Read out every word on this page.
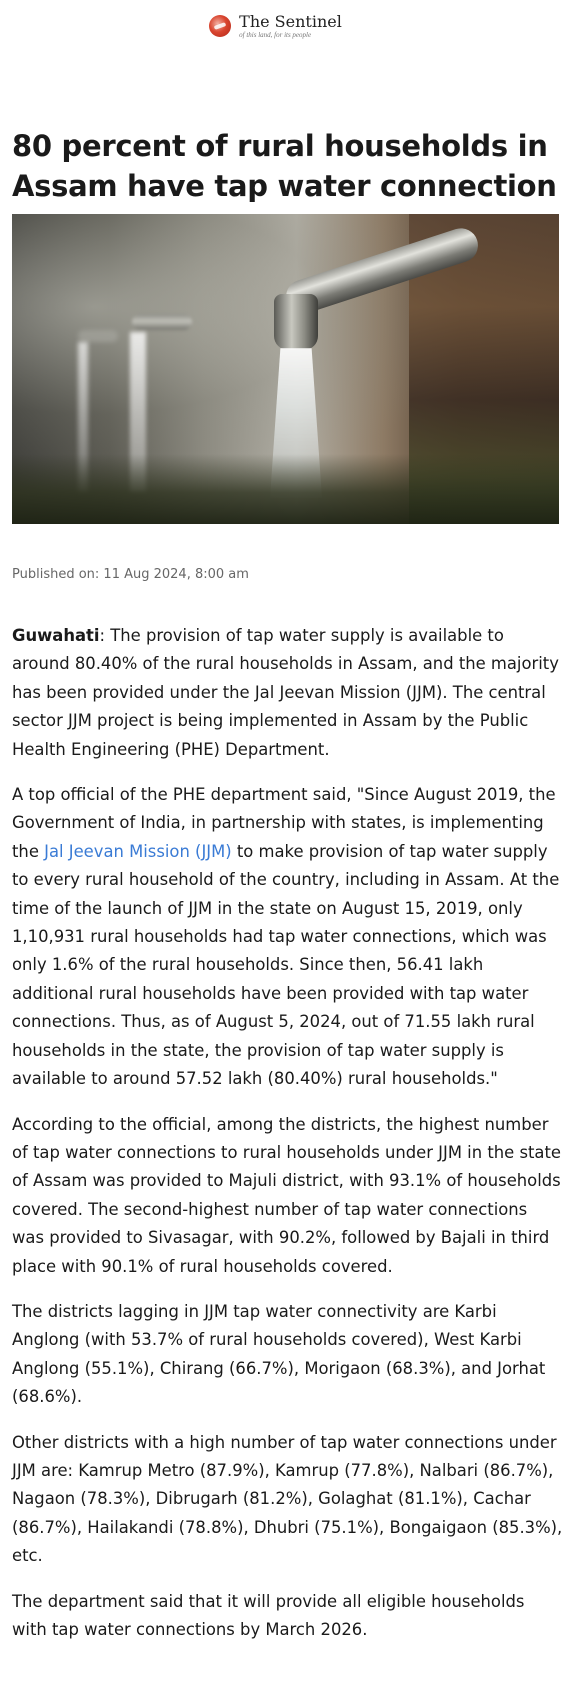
The Sentinel
of this land, for its people
80 percent of rural households in Assam have tap water connection

Published on: 11 Aug 2024, 8:00 am

Guwahati: The provision of tap water supply is available to around 80.40% of the rural households in Assam, and the majority has been provided under the Jal Jeevan Mission (JJM). The central sector JJM project is being implemented in Assam by the Public Health Engineering (PHE) Department.

A top official of the PHE department said, "Since August 2019, the Government of India, in partnership with states, is implementing the Jal Jeevan Mission (JJM) to make provision of tap water supply to every rural household of the country, including in Assam. At the time of the launch of JJM in the state on August 15, 2019, only 1,10,931 rural households had tap water connections, which was only 1.6% of the rural households. Since then, 56.41 lakh additional rural households have been provided with tap water connections. Thus, as of August 5, 2024, out of 71.55 lakh rural households in the state, the provision of tap water supply is available to around 57.52 lakh (80.40%) rural households."

According to the official, among the districts, the highest number of tap water connections to rural households under JJM in the state of Assam was provided to Majuli district, with 93.1% of households covered. The second-highest number of tap water connections was provided to Sivasagar, with 90.2%, followed by Bajali in third place with 90.1% of rural households covered.

The districts lagging in JJM tap water connectivity are Karbi Anglong (with 53.7% of rural households covered), West Karbi Anglong (55.1%), Chirang (66.7%), Morigaon (68.3%), and Jorhat (68.6%).

Other districts with a high number of tap water connections under JJM are: Kamrup Metro (87.9%), Kamrup (77.8%), Nalbari (86.7%), Nagaon (78.3%), Dibrugarh (81.2%), Golaghat (81.1%), Cachar (86.7%), Hailakandi (78.8%), Dhubri (75.1%), Bongaigaon (85.3%), etc.

The department said that it will provide all eligible households with tap water connections by March 2026.
